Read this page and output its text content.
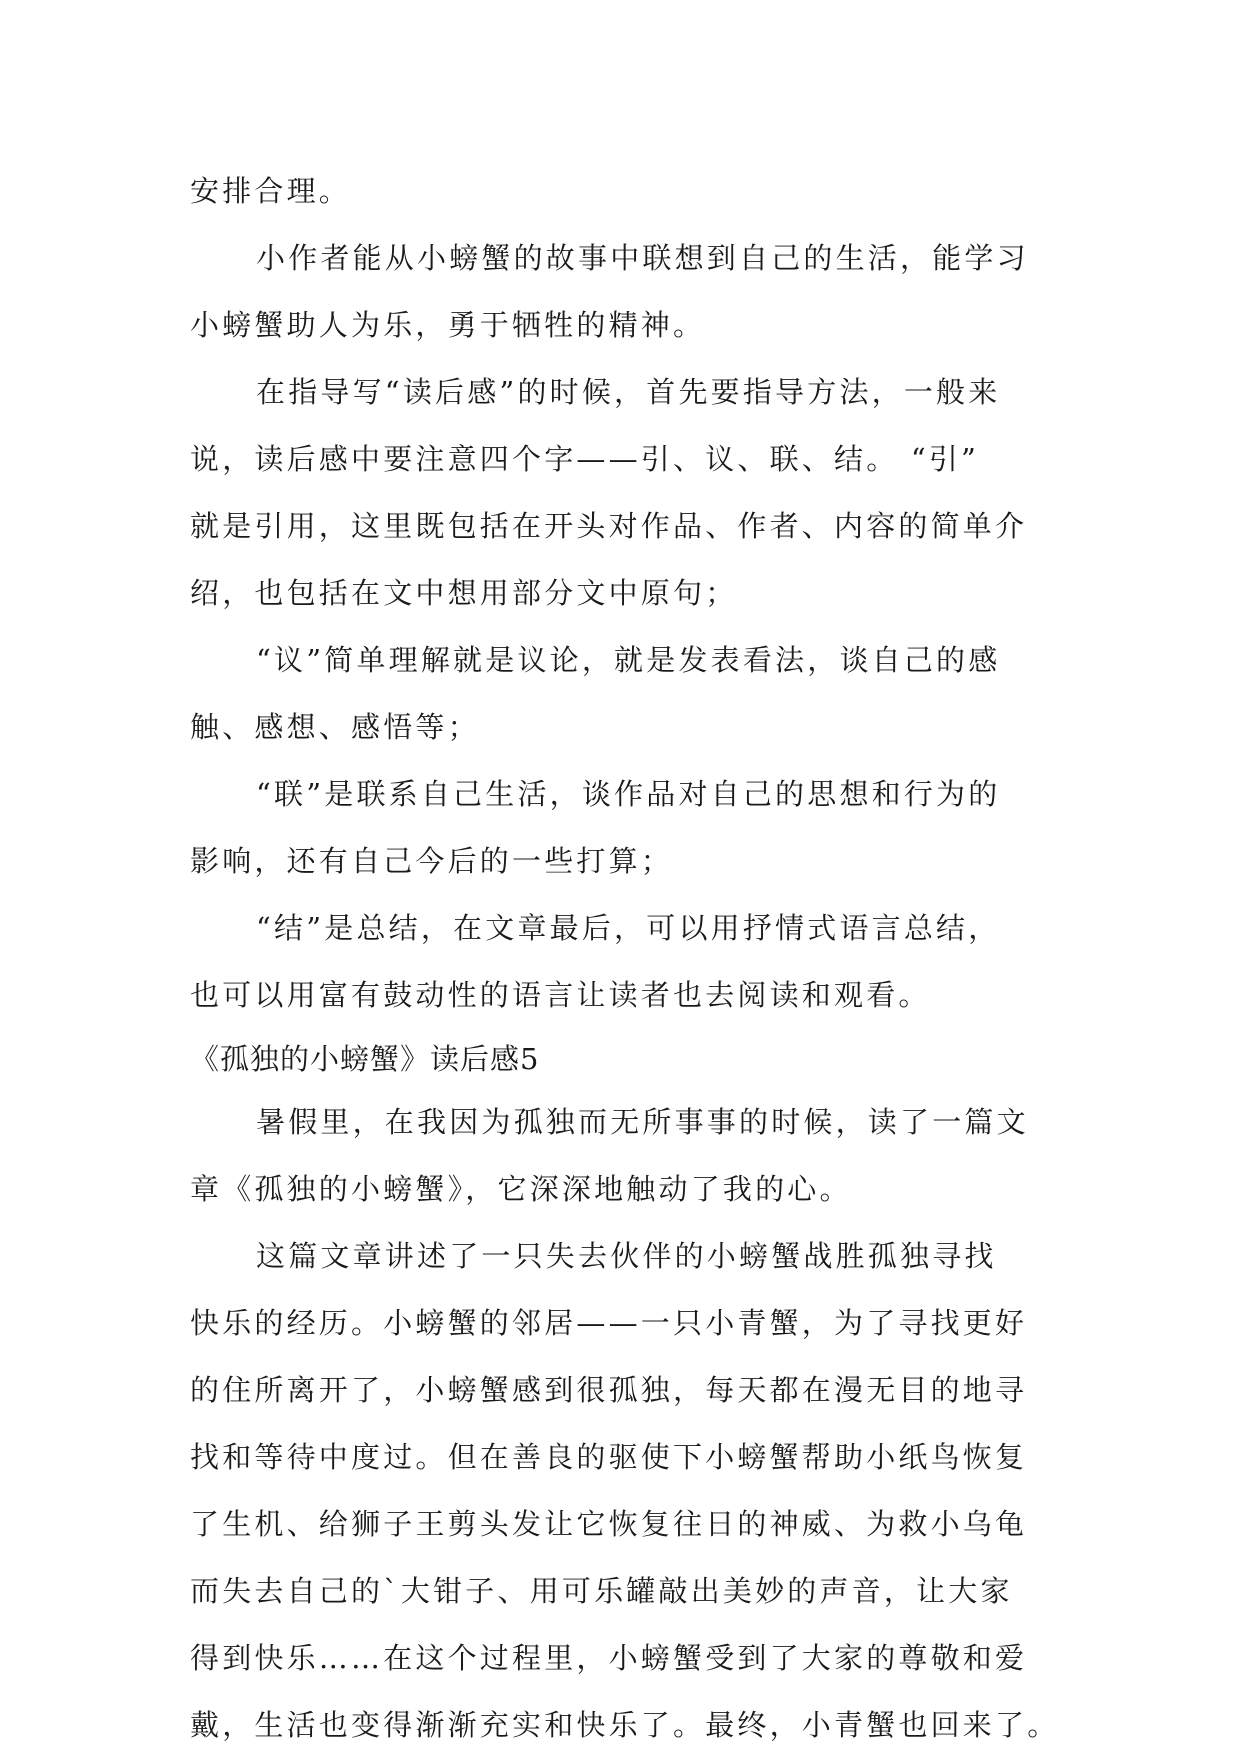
安排合理。
小作者能从小螃蟹的故事中联想到自己的生活，能学习
小螃蟹助人为乐，勇于牺牲的精神。
在指导写“读后感”的时候，首先要指导方法，一般来
说，读后感中要注意四个字——引、议、联、结。 “引”
就是引用，这里既包括在开头对作品、作者、内容的简单介
绍，也包括在文中想用部分文中原句；
“议”简单理解就是议论，就是发表看法，谈自己的感
触、感想、感悟等；
“联”是联系自己生活，谈作品对自己的思想和行为的
影响，还有自己今后的一些打算；
“结”是总结，在文章最后，可以用抒情式语言总结，
也可以用富有鼓动性的语言让读者也去阅读和观看。
《孤独的小螃蟹》读后感5
暑假里，在我因为孤独而无所事事的时候，读了一篇文
章《孤独的小螃蟹》，它深深地触动了我的心。
这篇文章讲述了一只失去伙伴的小螃蟹战胜孤独寻找
快乐的经历。小螃蟹的邻居——一只小青蟹，为了寻找更好
的住所离开了，小螃蟹感到很孤独，每天都在漫无目的地寻
找和等待中度过。但在善良的驱使下小螃蟹帮助小纸鸟恢复
了生机、给狮子王剪头发让它恢复往日的神威、为救小乌龟
而失去自己的`大钳子、用可乐罐敲出美妙的声音，让大家
得到快乐……在这个过程里，小螃蟹受到了大家的尊敬和爱
戴，生活也变得渐渐充实和快乐了。最终，小青蟹也回来了。
